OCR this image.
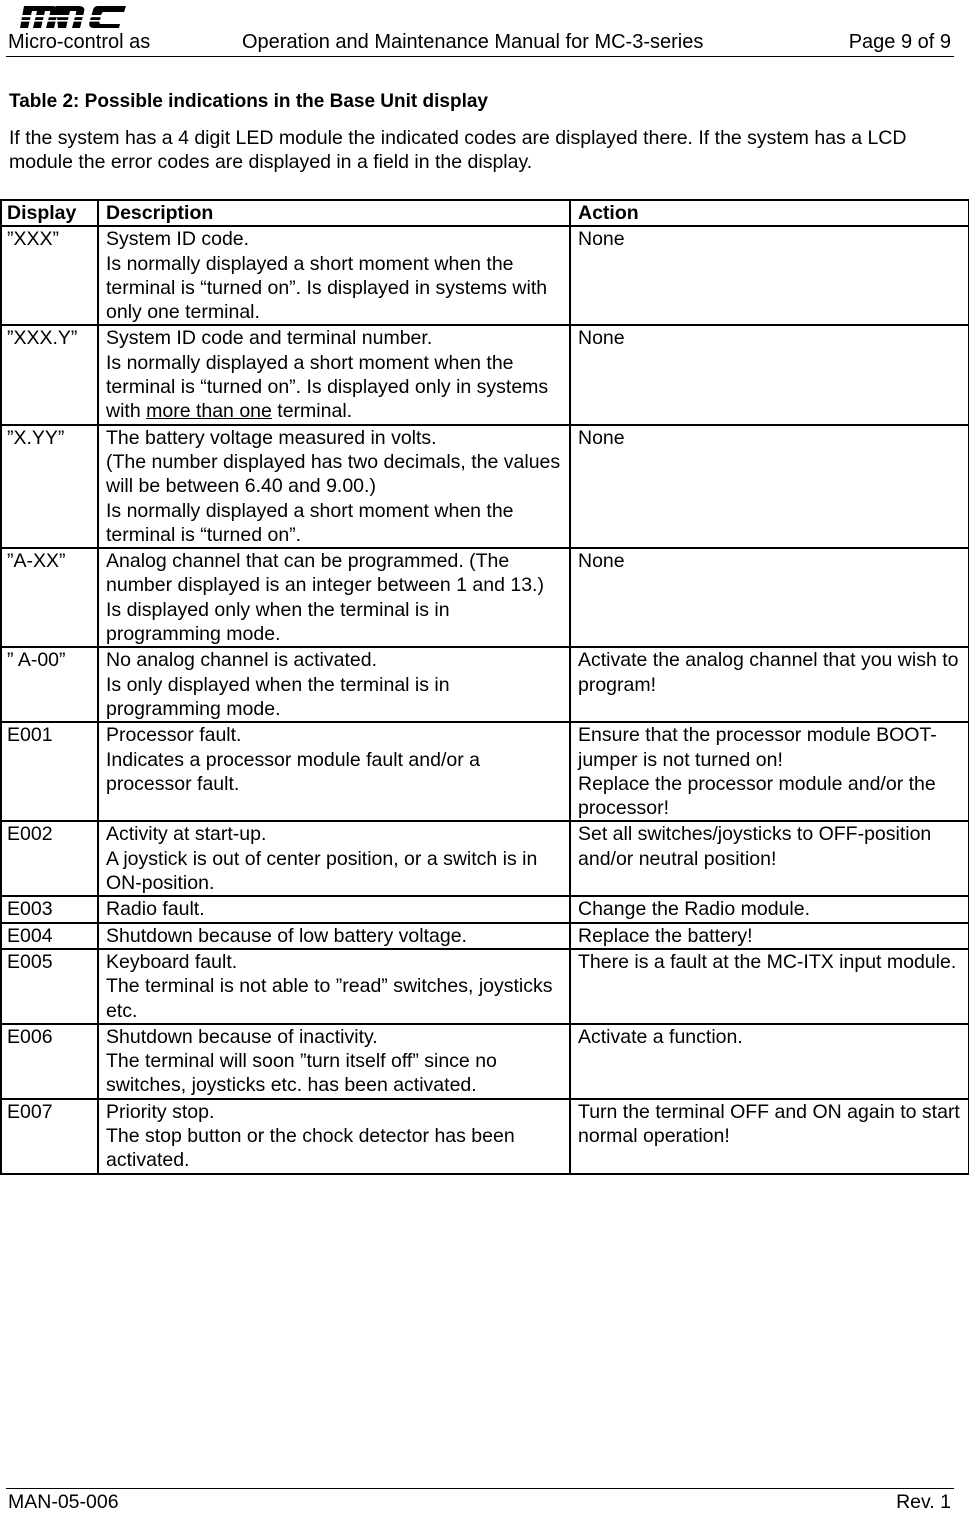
Micro-control as	Operation and Maintenance Manual for MC-3-series	Page 9 of 9
Table 2: Possible indications in the Base Unit display
If the system has a 4 digit LED module the indicated codes are displayed there. If the system has a LCD module the error codes are displayed in a field in the display.
Display	Description	Action
”XXX”	System ID code.
Is normally displayed a short moment when the terminal is “turned on”. Is displayed in systems with only one terminal.	None

”XXX.Y”	System ID code and terminal number.
Is normally displayed a short moment when the terminal is “turned on”. Is displayed only in systems with more than one terminal.	None

”X.YY”	The battery voltage measured in volts.
(The number displayed has two decimals, the values will be between 6.40 and 9.00.)
Is normally displayed a short moment when the terminal is “turned on”.	None

”A-XX”	Analog channel that can be programmed. (The number displayed is an integer between 1 and 13.)
Is displayed only when the terminal is in programming mode.	None

” A-00”	No analog channel is activated.
Is only displayed when the terminal is in programming mode.	Activate the analog channel that you wish to program!

E001	Processor fault.
Indicates a processor module fault and/or a processor fault.	Ensure that the processor module BOOT-jumper is not turned on!
Replace the processor module and/or the processor!

E002	Activity at start-up.
A joystick is out of center position, or a switch is in ON-position.	Set all switches/joysticks to OFF-position and/or neutral position!

E003	Radio fault.	Change the Radio module.

E004	Shutdown because of low battery voltage.	Replace the battery!

E005	Keyboard fault.
The terminal is not able to ”read” switches, joysticks etc.	There is a fault at the MC-ITX input module.

E006	Shutdown because of inactivity.
The terminal will soon ”turn itself off” since no switches, joysticks etc. has been activated.	Activate a function.

E007	Priority stop.
The stop button or the chock detector has been activated.	Turn the terminal OFF and ON again to start normal operation!
MAN-05-006	Rev. 1
